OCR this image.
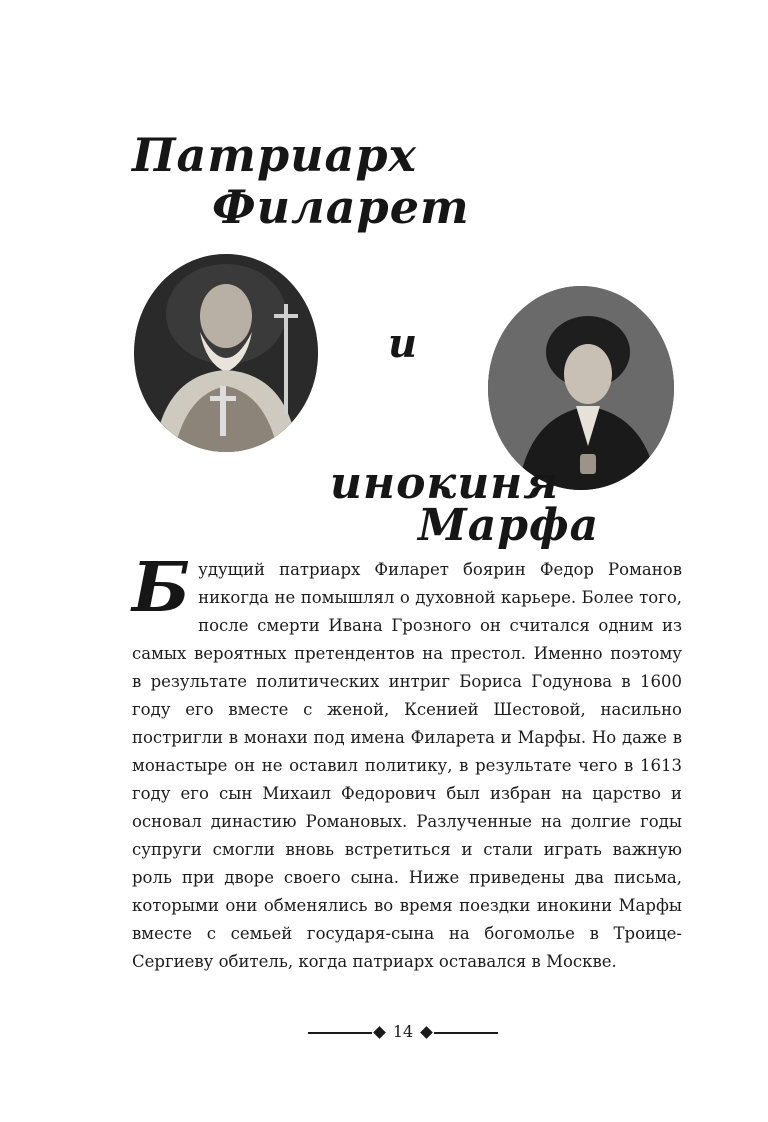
Патриарх
Филарет
и
инокиня
Марфа
Б удущий патриарх Филарет боярин Федор Романов никогда не помышлял о духовной карьере. Более того, после смерти Ивана Грозного он считался одним из самых вероятных претендентов на престол. Именно поэтому в результате политических интриг Бориса Годунова в 1600 году его вместе с женой, Ксенией Шестовой, насильно постригли в монахи под имена Филарета и Марфы. Но даже в монастыре он не оставил политику, в результате чего в 1613 году его сын Михаил Федорович был избран на царство и основал династию Романовых. Разлученные на долгие годы супруги смогли вновь встретиться и стали играть важную роль при дворе своего сына. Ниже приведены два письма, которыми они обменялись во время поездки инокини Марфы вместе с семьей государя-сына на богомолье в Троице-Сергиеву обитель, когда патриарх оставался в Москве.
14
